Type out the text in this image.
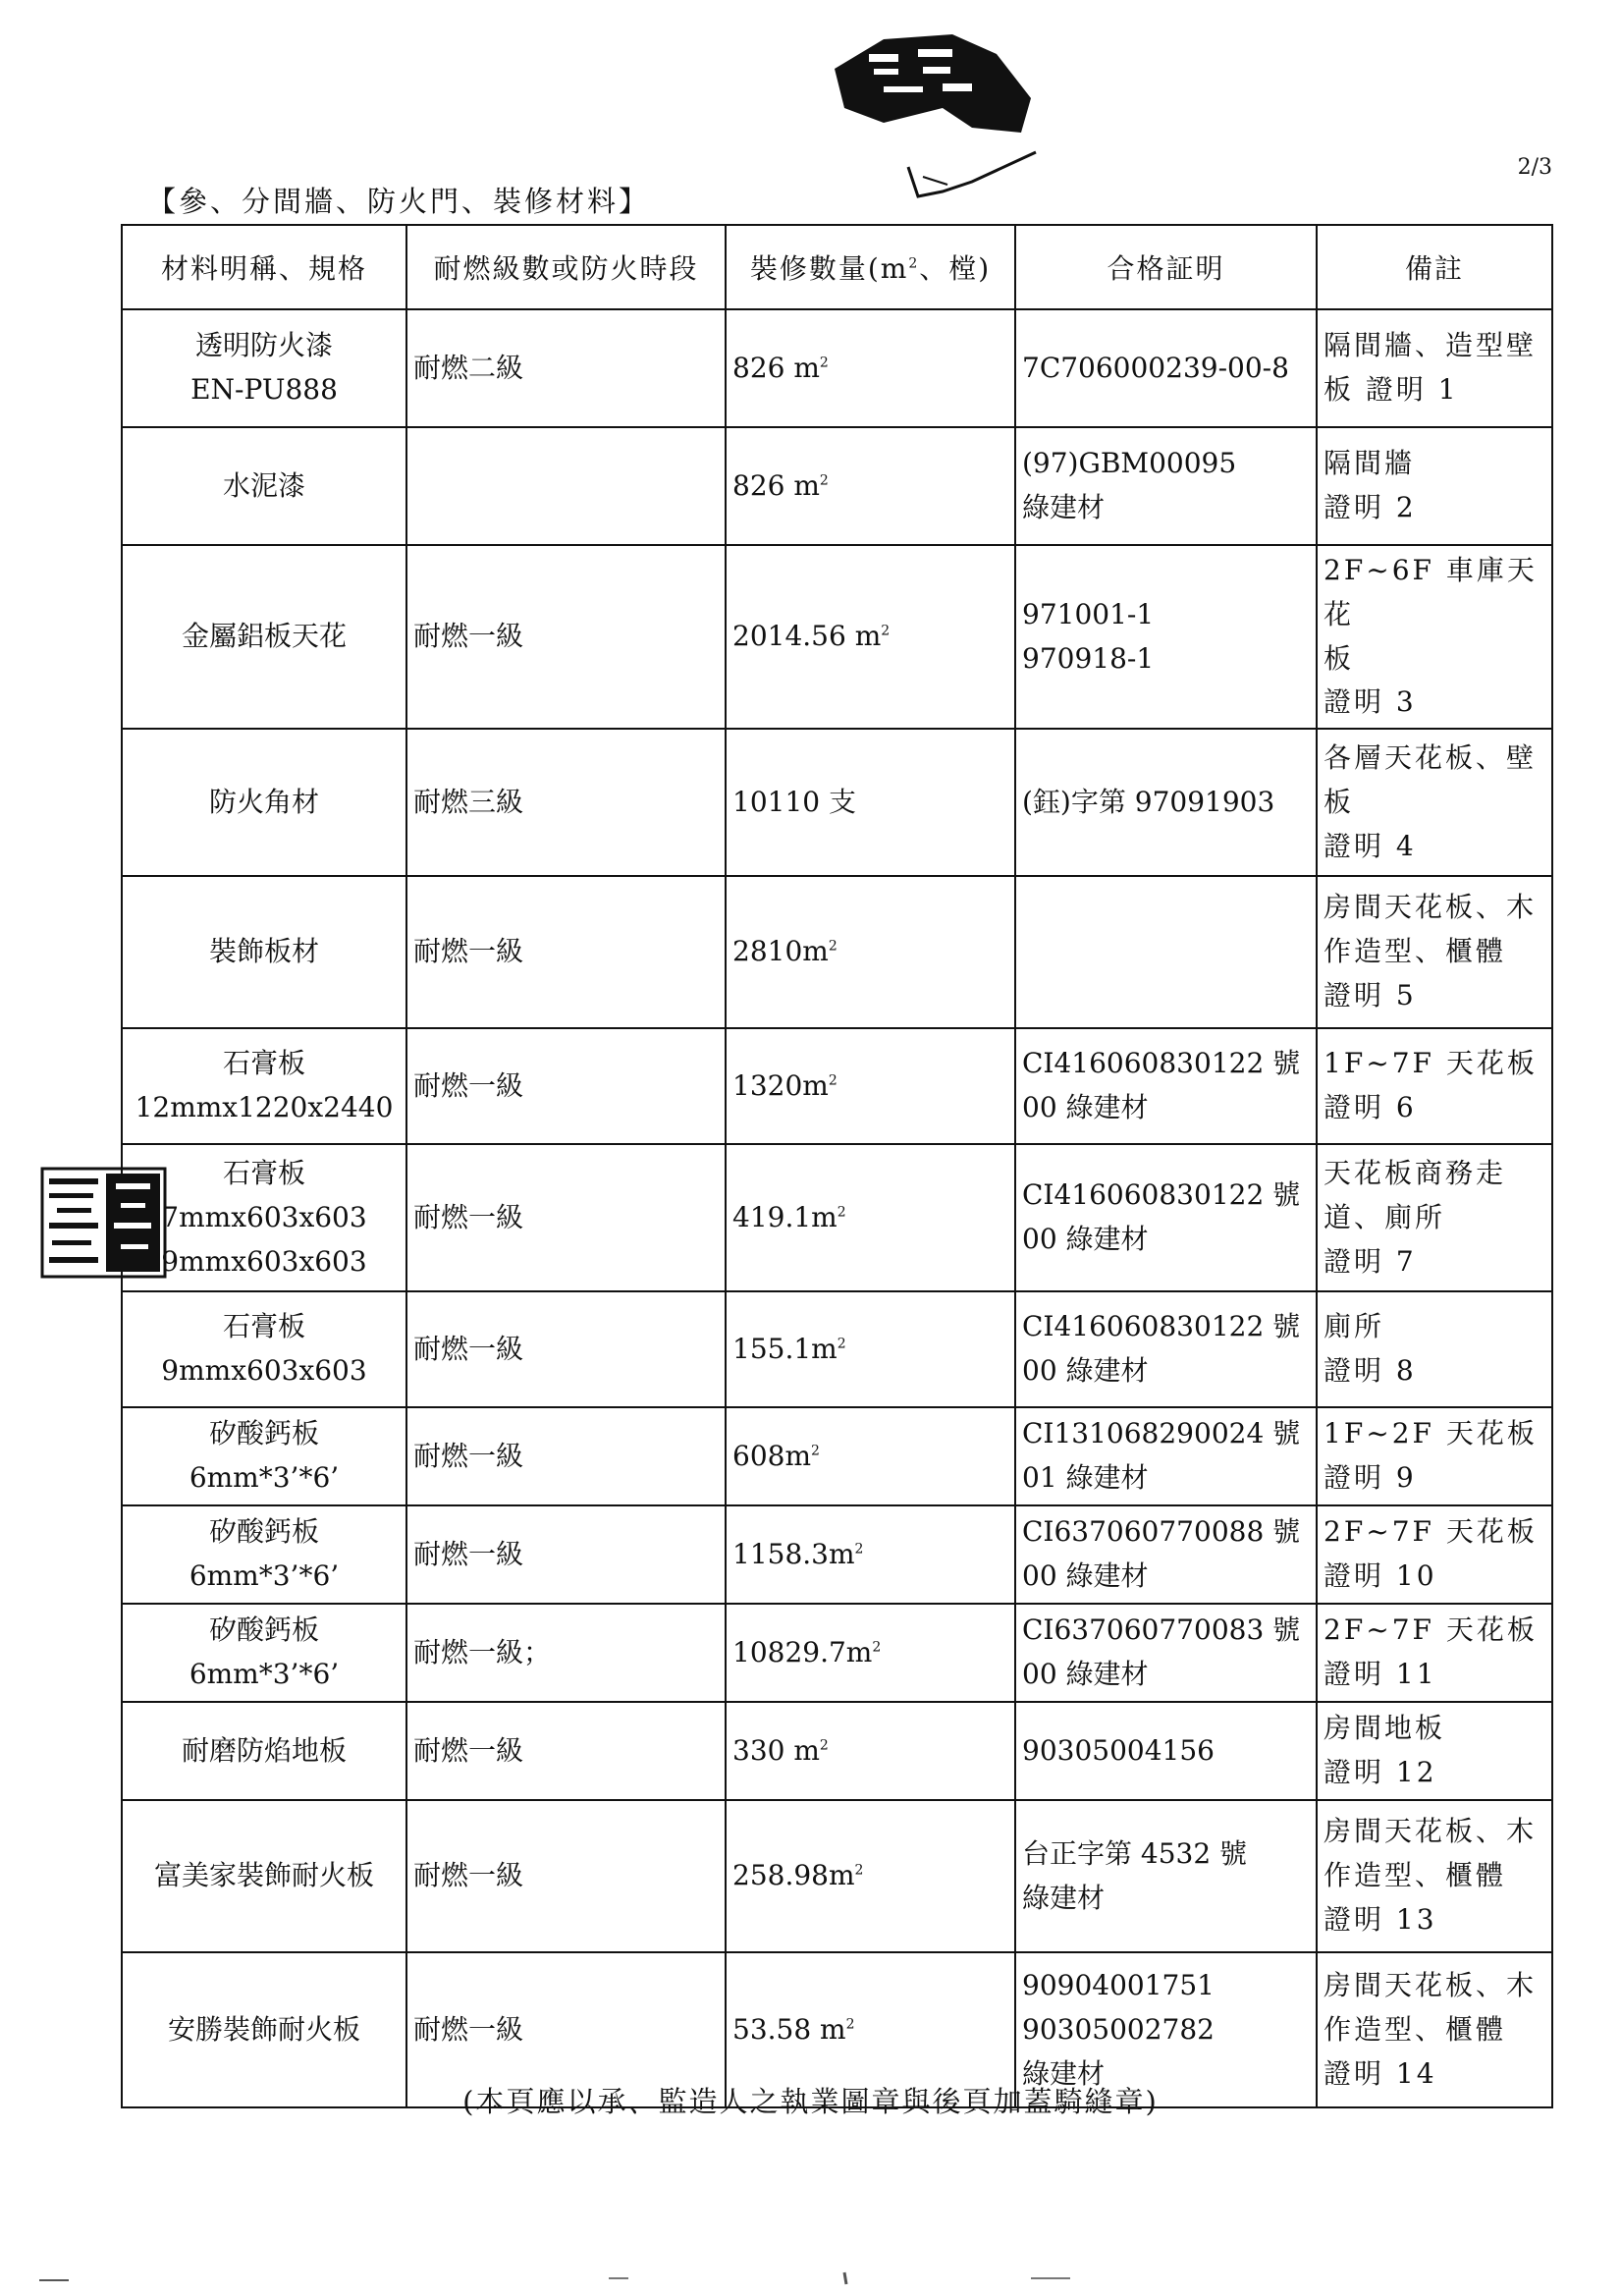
2/3
【參、分間牆、防火門、裝修材料】
材料明稱、規格	耐燃級數或防火時段	裝修數量($m^2$、樘)	合格証明	備註

透明防火漆
EN-PU888	耐燃二級	826 $m^2$	7C706000239-00-8	隔間牆、造型壁
板 證明 1

水泥漆		826 $m^2$	(97)GBM00095
綠建材	隔間牆
證明 2

金屬鋁板天花	耐燃一級	2014.56 $m^2$	971001-1
970918-1	2F~6F 車庫天花
板
證明 3

防火角材	耐燃三級	10110 支	(鈺)字第 97091903	各層天花板、壁
板
證明 4

裝飾板材	耐燃一級	$2810m^2$		房間天花板、木
作造型、櫃體
證明 5

石膏板
12mmx1220x2440	耐燃一級	$1320m^2$	CI416060830122 號
00 綠建材	1F~7F 天花板
證明 6

石膏板
7mmx603x603
9mmx603x603	耐燃一級	$419.1m^2$	CI416060830122 號
00 綠建材	天花板商務走
道、廁所
證明 7

石膏板
9mmx603x603	耐燃一級	$155.1m^2$	CI416060830122 號
00 綠建材	廁所
證明 8

矽酸鈣板
6mm*3’*6’	耐燃一級	$608m^2$	CI131068290024 號
01 綠建材	1F~2F 天花板
證明 9

矽酸鈣板
6mm*3’*6’	耐燃一級	$1158.3m^2$	CI637060770088 號
00 綠建材	2F~7F 天花板
證明 10

矽酸鈣板
6mm*3’*6’	耐燃一級；	$10829.7m^2$	CI637060770083 號
00 綠建材	2F~7F 天花板
證明 11

耐磨防焰地板	耐燃一級	330 $m^2$	90305004156	房間地板
證明 12

富美家裝飾耐火板	耐燃一級	$258.98m^2$	台正字第 4532 號
綠建材	房間天花板、木
作造型、櫃體
證明 13

安勝裝飾耐火板	耐燃一級	53.58 $m^2$	90904001751
90305002782
綠建材	房間天花板、木
作造型、櫃體
證明 14
(本頁應以承、監造人之執業圖章與後頁加蓋騎縫章)
